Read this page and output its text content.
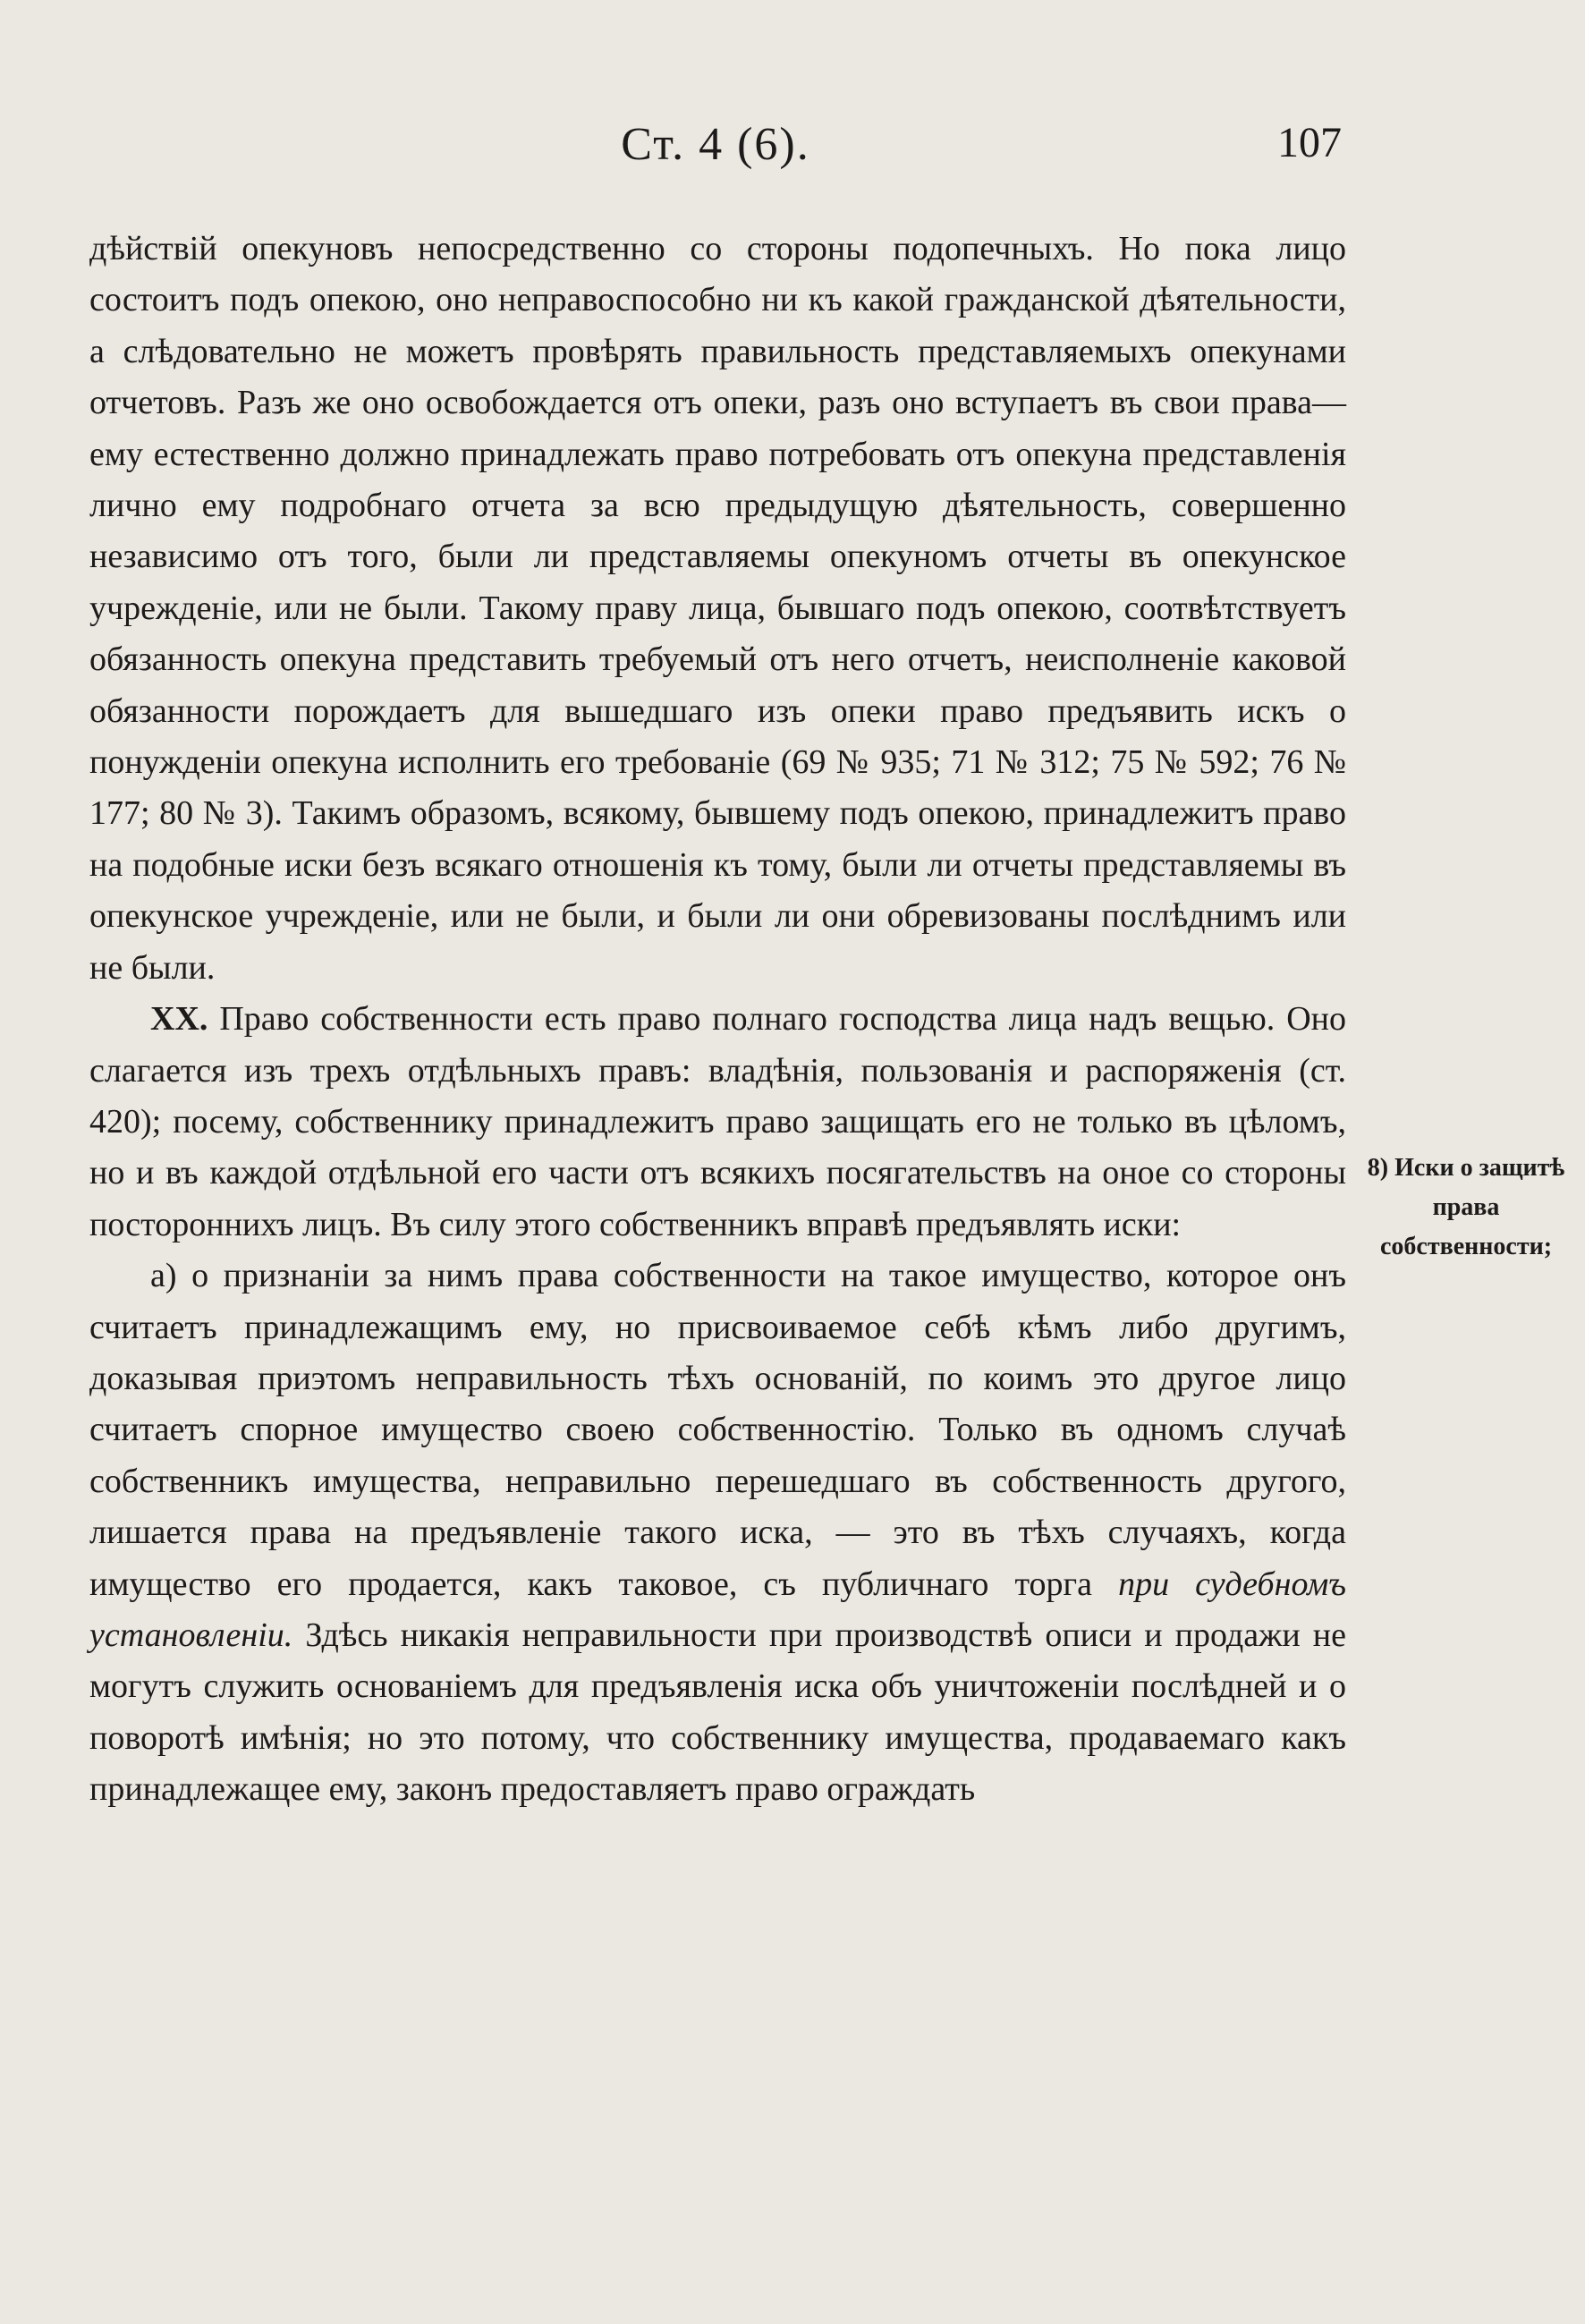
Ст. 4 (6).	107

дѣйствій опекуновъ непосредственно со стороны подопечныхъ. Но пока лицо состоитъ подъ опекою, оно неправоспособно ни къ какой гражданской дѣятельности, а слѣдовательно не можетъ провѣрять правильность представляемыхъ опекунами отчетовъ. Разъ же оно освобождается отъ опеки, разъ оно вступаетъ въ свои права—ему естественно должно принадлежать право потребовать отъ опекуна представленія лично ему подробнаго отчета за всю предыдущую дѣятельность, совершенно независимо отъ того, были ли представляемы опекуномъ отчеты въ опекунское учрежденіе, или не были. Такому праву лица, бывшаго подъ опекою, соотвѣтствуетъ обязанность опекуна представить требуемый отъ него отчетъ, неисполненіе каковой обязанности порождаетъ для вышедшаго изъ опеки право предъявить искъ о понужденіи опекуна исполнить его требованіе (69 № 935; 71 № 312; 75 № 592; 76 № 177; 80 № 3). Такимъ образомъ, всякому, бывшему подъ опекою, принадлежитъ право на подобные иски безъ всякаго отношенія къ тому, были ли отчеты представляемы въ опекунское учрежденіе, или не были, и были ли они обревизованы послѣднимъ или не были.

XX. Право собственности есть право полнаго господства лица надъ вещью. Оно слагается изъ трехъ отдѣльныхъ правъ: владѣнія, пользованія и распоряженія (ст. 420); посему, собственнику принадлежитъ право защищать его не только въ цѣломъ, но и въ каждой отдѣльной его части отъ всякихъ посягательствъ на оное со стороны постороннихъ лицъ. Въ силу этого собственникъ вправѣ предъявлять иски:

а) о признаніи за нимъ права собственности на такое имущество, которое онъ считаетъ принадлежащимъ ему, но присвоиваемое себѣ кѣмъ либо другимъ, доказывая приэтомъ неправильность тѣхъ основаній, по коимъ это другое лицо считаетъ спорное имущество своею собственностію. Только въ одномъ случаѣ собственникъ имущества, неправильно перешедшаго въ собственность другого, лишается права на предъявленіе такого иска, — это въ тѣхъ случаяхъ, когда имущество его продается, какъ таковое, съ публичнаго торга при судебномъ установленіи. Здѣсь никакія неправильности при производствѣ описи и продажи не могутъ служить основаніемъ для предъявленія иска объ уничтоженіи послѣдней и о поворотѣ имѣнія; но это потому, что собственнику имущества, продаваемаго какъ принадлежащее ему, законъ предоставляетъ право ограждать

8) Иски о защитѣ права собственности;
